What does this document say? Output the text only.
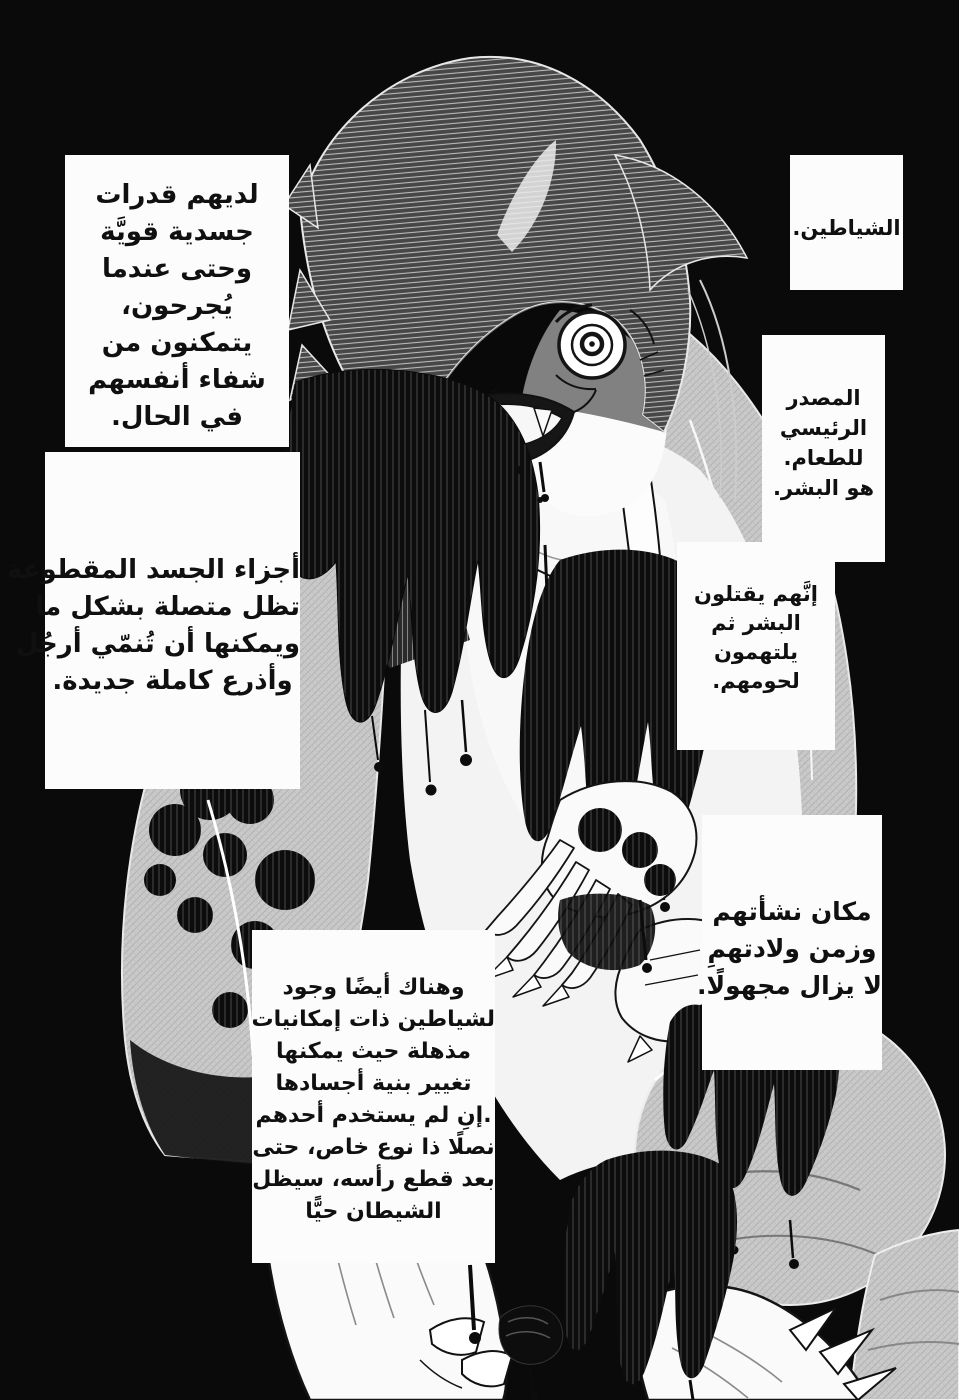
الشياطين.

لديهم قدرات

جسدية قويَّة

وحتى عندما

يُجرحون،

يتمكنون من

شفاء أنفسهم

في الحال.

المصدر

الرئيسي

للطعام.

هو البشر.

إنَّهم يقتلون

البشر ثم

يلتهمون

لحومهم.

أجزاء الجسد المقطوعة

تظل متصلة بشكل ما

ويمكنها أن تُنمّي أرجُل

وأذرع كاملة جديدة.

مكان نشأتهم

وزمن ولادتهمِ

لا يزال مجهولًا.

وهناك أيضًا وجود

لشياطين ذات إمكانيات

مذهلة حيث يمكنها

تغيير بنية أجسادها

.إنِ لم يستخدم أحدهم

نصلًا ذا نوع خاص، حتى

بعد قطع رأسه، سيظل

الشيطان حيًّا
